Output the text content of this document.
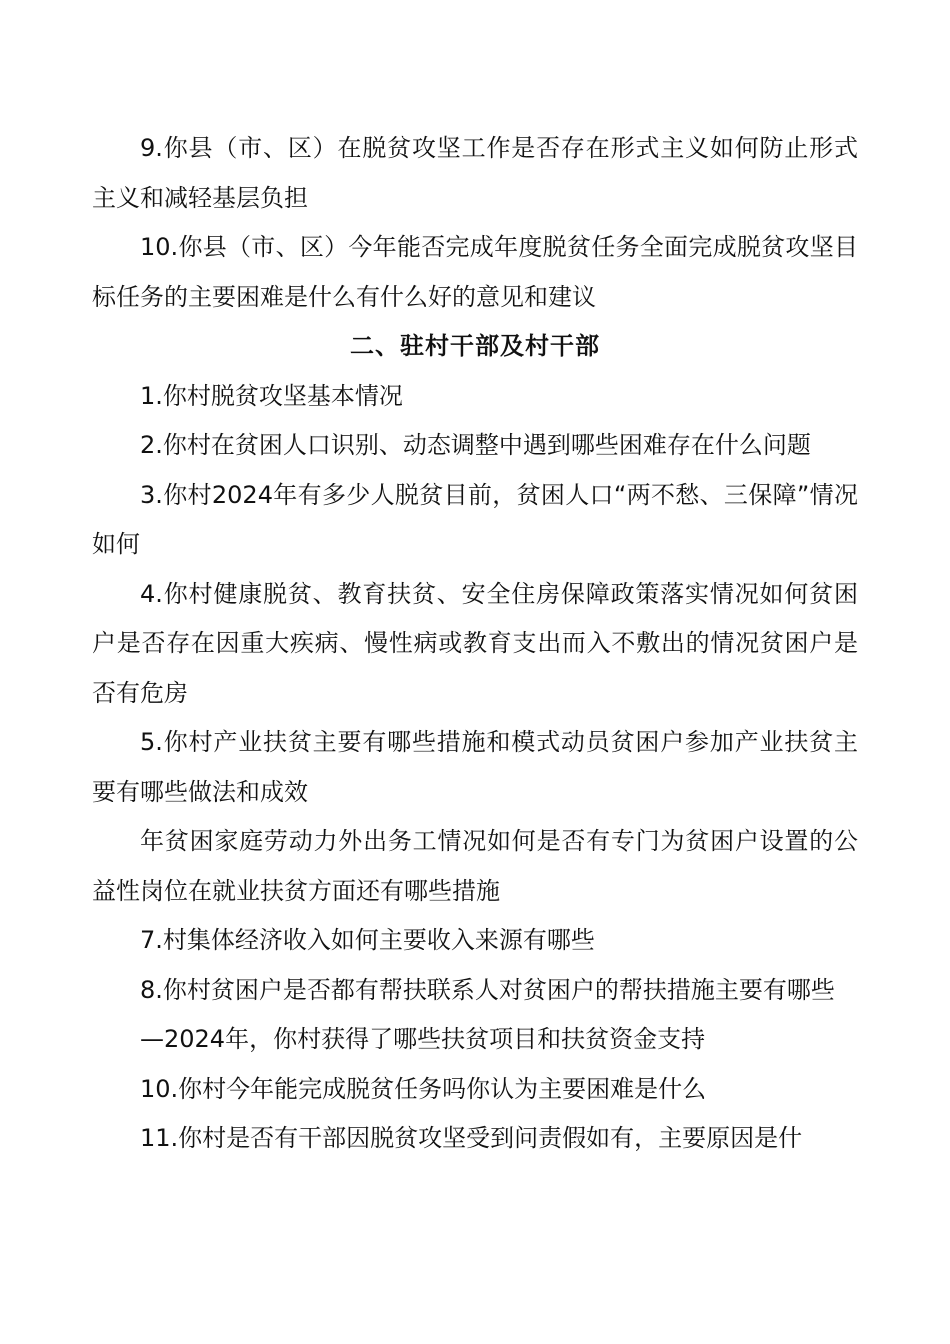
9.你县（市、区）在脱贫攻坚工作是否存在形式主义如何防止形式主义和减轻基层负担

10.你县（市、区）今年能否完成年度脱贫任务全面完成脱贫攻坚目标任务的主要困难是什么有什么好的意见和建议

二、驻村干部及村干部

1.你村脱贫攻坚基本情况

2.你村在贫困人口识别、动态调整中遇到哪些困难存在什么问题

3.你村2024年有多少人脱贫目前，贫困人口“两不愁、三保障”情况如何

4.你村健康脱贫、教育扶贫、安全住房保障政策落实情况如何贫困户是否存在因重大疾病、慢性病或教育支出而入不敷出的情况贫困户是否有危房

5.你村产业扶贫主要有哪些措施和模式动员贫困户参加产业扶贫主要有哪些做法和成效

年贫困家庭劳动力外出务工情况如何是否有专门为贫困户设置的公益性岗位在就业扶贫方面还有哪些措施

7.村集体经济收入如何主要收入来源有哪些

8.你村贫困户是否都有帮扶联系人对贫困户的帮扶措施主要有哪些

—2024年，你村获得了哪些扶贫项目和扶贫资金支持

10.你村今年能完成脱贫任务吗你认为主要困难是什么

11.你村是否有干部因脱贫攻坚受到问责假如有，主要原因是什
